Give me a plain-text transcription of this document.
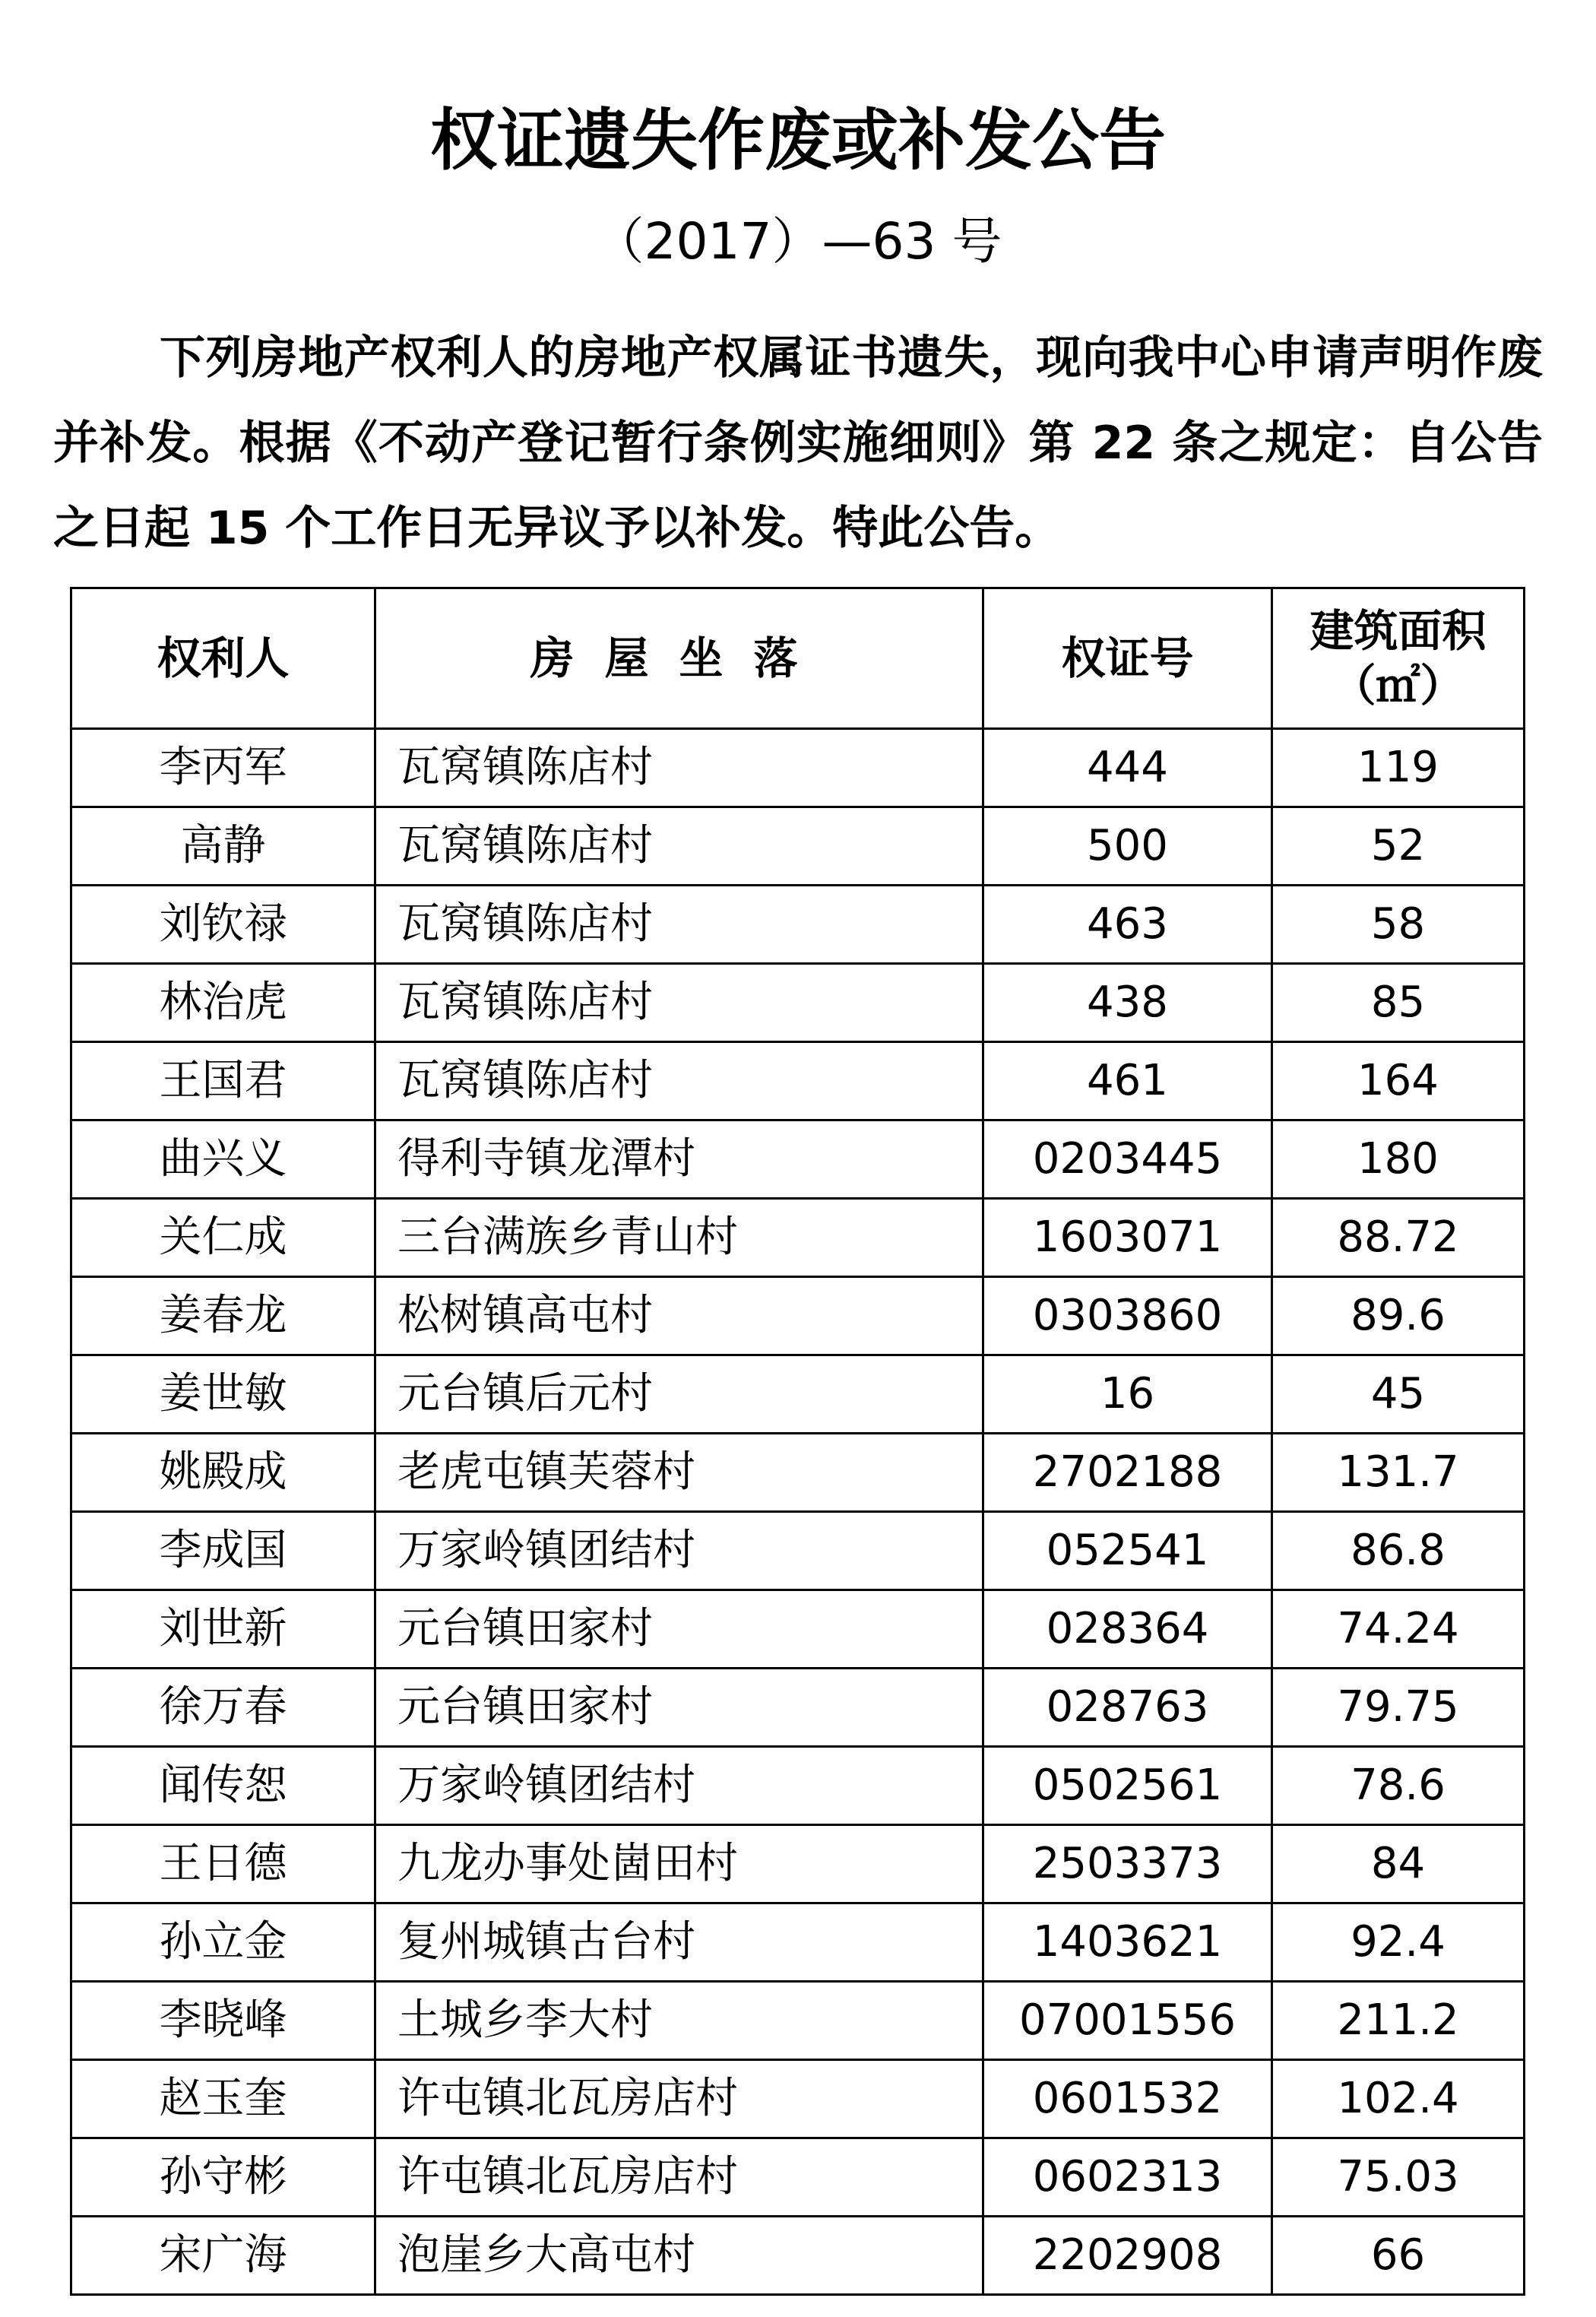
权证遗失作废或补发公告
（2017）—63 号
下列房地产权利人的房地产权属证书遗失，现向我中心申请声明作废并补发。根据《不动产登记暂行条例实施细则》第 22 条之规定：自公告之日起 15 个工作日无异议予以补发。特此公告。
权利人	房屋坐落	权证号	建筑面积
（㎡）

李丙军	瓦窝镇陈店村	444	119
高静	瓦窝镇陈店村	500	52
刘钦禄	瓦窝镇陈店村	463	58
林治虎	瓦窝镇陈店村	438	85
王国君	瓦窝镇陈店村	461	164
曲兴义	得利寺镇龙潭村	0203445	180
关仁成	三台满族乡青山村	1603071	88.72
姜春龙	松树镇高屯村	0303860	89.6
姜世敏	元台镇后元村	16	45
姚殿成	老虎屯镇芙蓉村	2702188	131.7
李成国	万家岭镇团结村	052541	86.8
刘世新	元台镇田家村	028364	74.24
徐万春	元台镇田家村	028763	79.75
闻传恕	万家岭镇团结村	0502561	78.6
王日德	九龙办事处崮田村	2503373	84
孙立金	复州城镇古台村	1403621	92.4
李晓峰	土城乡李大村	07001556	211.2
赵玉奎	许屯镇北瓦房店村	0601532	102.4
孙守彬	许屯镇北瓦房店村	0602313	75.03
宋广海	泡崖乡大高屯村	2202908	66
